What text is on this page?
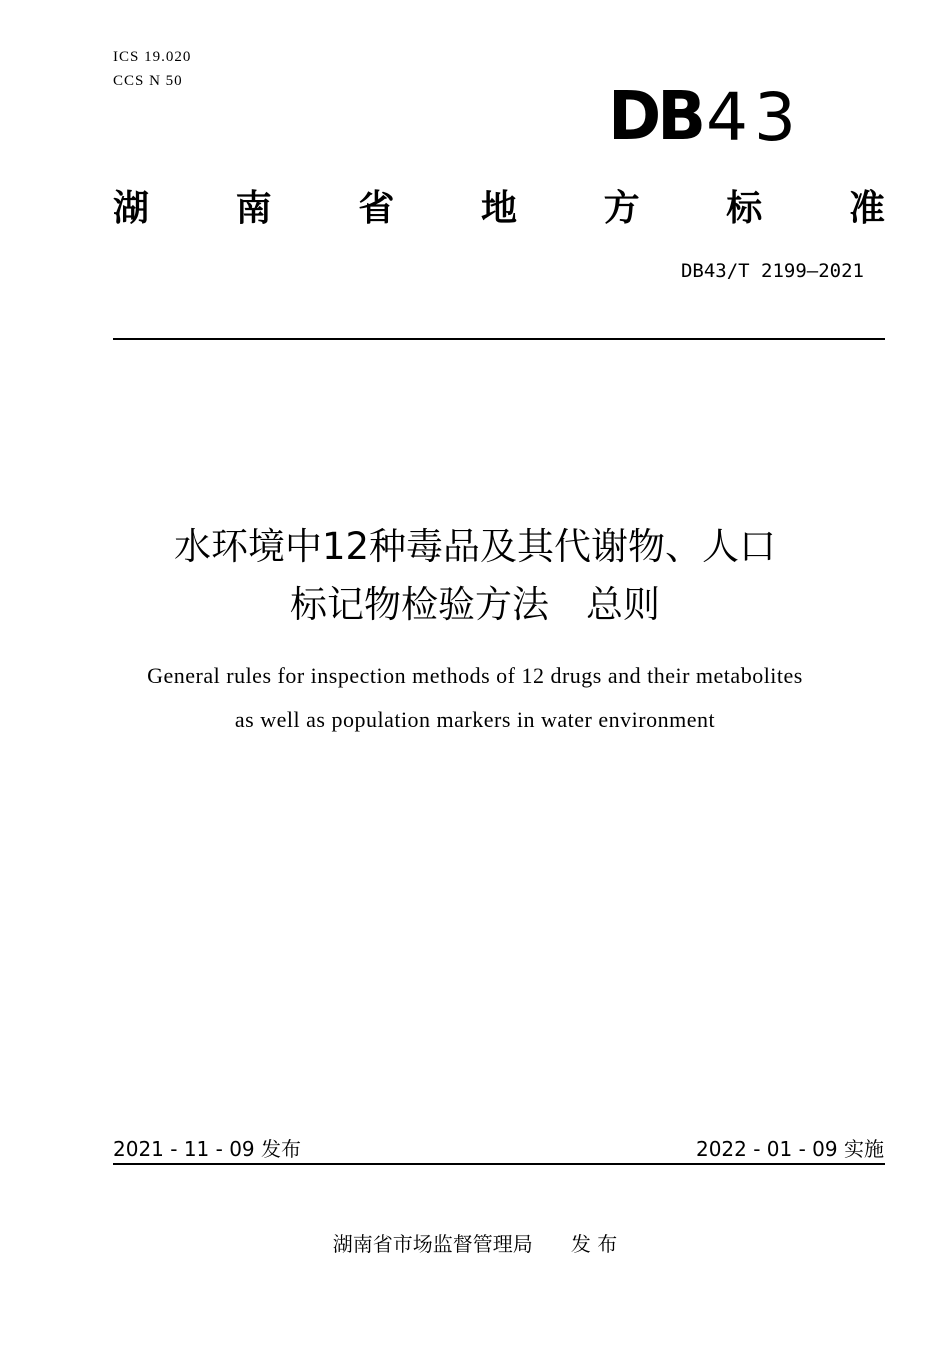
ICS 19.020
CCS N 50	DB 43
湖 南 省 地 方 标 准
DB43/T 2199—2021
水环境中12种毒品及其代谢物、人口
标记物检验方法　总则
General rules for inspection methods of 12 drugs and their metabolites
as well as population markers in water environment
2021 - 11 - 09 发布	2022 - 01 - 09 实施
湖南省市场监督管理局 发 布
